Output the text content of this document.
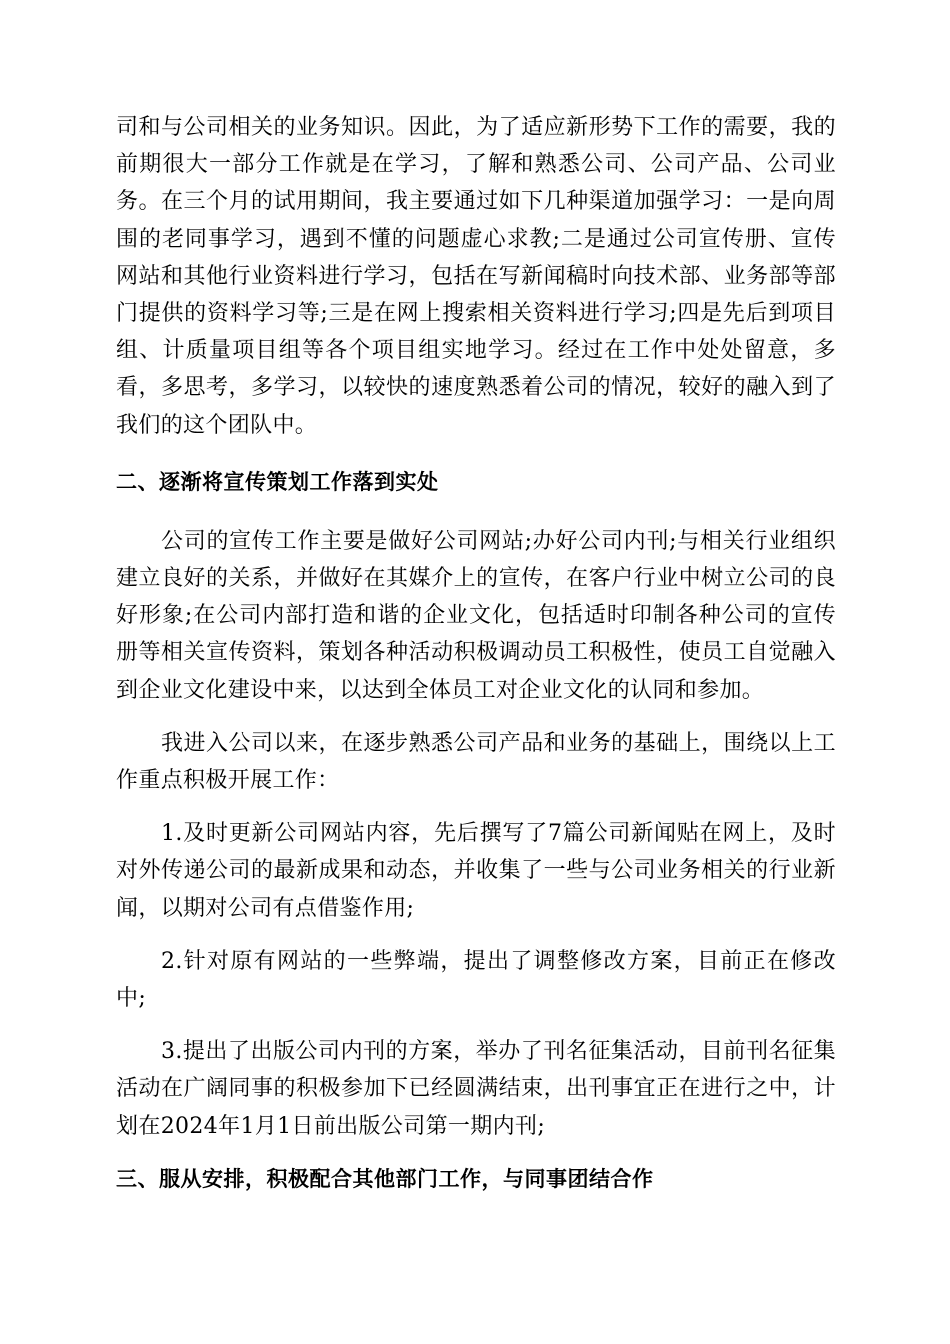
司和与公司相关的业务知识。因此，为了适应新形势下工作的需要，我的前期很大一部分工作就是在学习，了解和熟悉公司、公司产品、公司业务。在三个月的试用期间，我主要通过如下几种渠道加强学习：一是向周围的老同事学习，遇到不懂的问题虚心求教;二是通过公司宣传册、宣传网站和其他行业资料进行学习，包括在写新闻稿时向技术部、业务部等部门提供的资料学习等;三是在网上搜索相关资料进行学习;四是先后到项目组、计质量项目组等各个项目组实地学习。经过在工作中处处留意，多看，多思考，多学习，以较快的速度熟悉着公司的情况，较好的融入到了我们的这个团队中。

二、逐渐将宣传策划工作落到实处

公司的宣传工作主要是做好公司网站;办好公司内刊;与相关行业组织建立良好的关系，并做好在其媒介上的宣传，在客户行业中树立公司的良好形象;在公司内部打造和谐的企业文化，包括适时印制各种公司的宣传册等相关宣传资料，策划各种活动积极调动员工积极性，使员工自觉融入到企业文化建设中来，以达到全体员工对企业文化的认同和参加。

我进入公司以来，在逐步熟悉公司产品和业务的基础上，围绕以上工作重点积极开展工作：

1.及时更新公司网站内容，先后撰写了7篇公司新闻贴在网上，及时对外传递公司的最新成果和动态，并收集了一些与公司业务相关的行业新闻，以期对公司有点借鉴作用;

2.针对原有网站的一些弊端，提出了调整修改方案，目前正在修改中;

3.提出了出版公司内刊的方案，举办了刊名征集活动，目前刊名征集活动在广阔同事的积极参加下已经圆满结束，出刊事宜正在进行之中，计划在2024年1月1日前出版公司第一期内刊;

三、服从安排，积极配合其他部门工作，与同事团结合作
